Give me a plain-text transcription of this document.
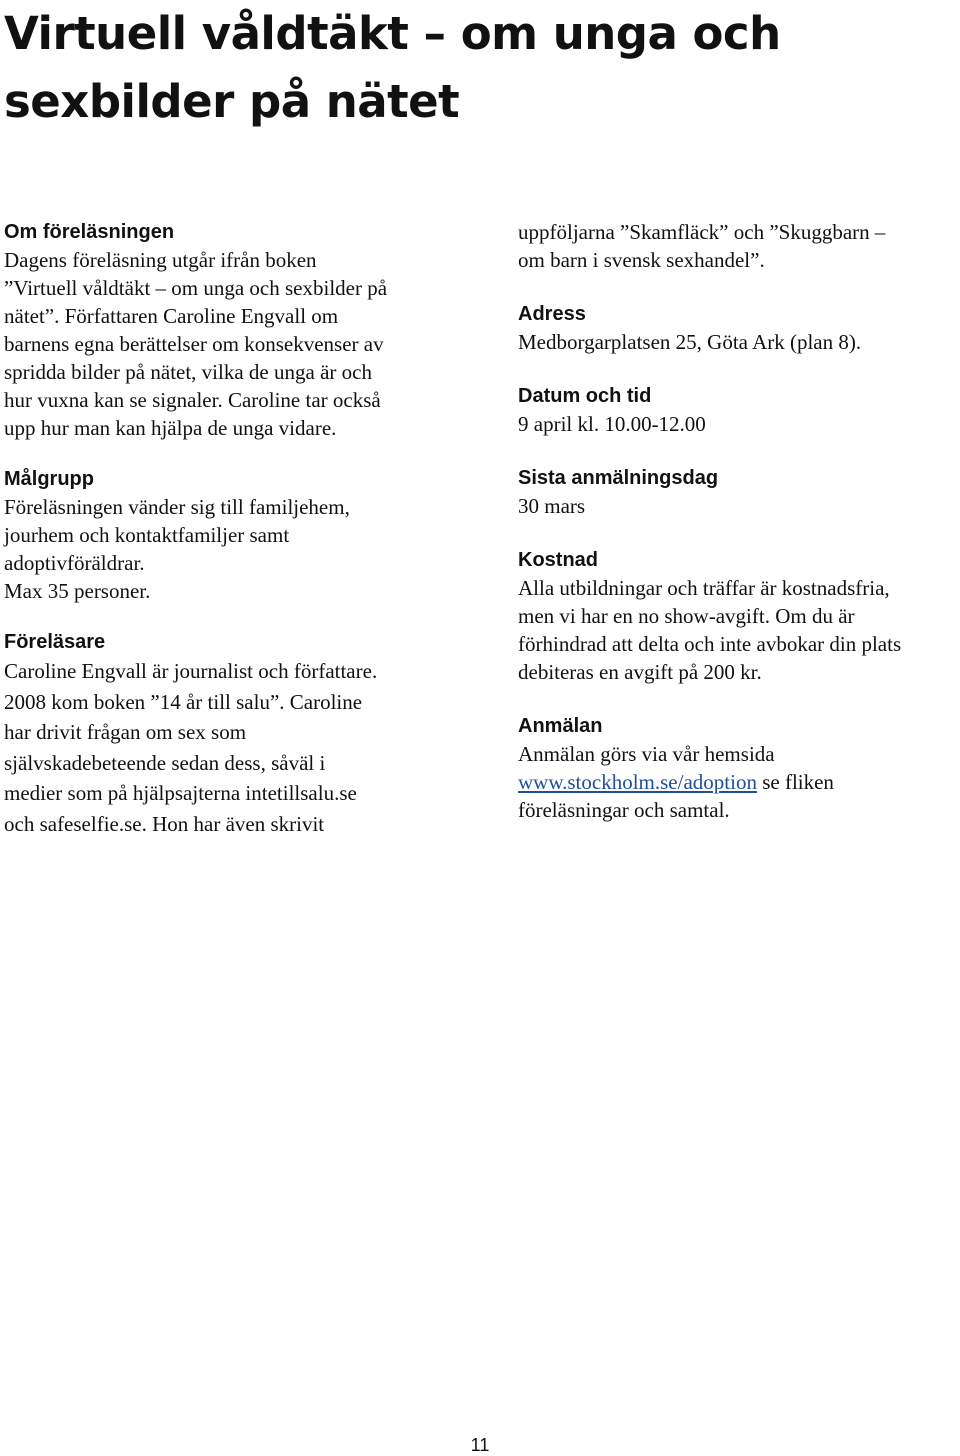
Virtuell våldtäkt – om unga och sexbilder på nätet
Om föreläsningen
Dagens föreläsning utgår ifrån boken
”Virtuell våldtäkt – om unga och sexbilder på
nätet”. Författaren Caroline Engvall om
barnens egna berättelser om konsekvenser av
spridda bilder på nätet, vilka de unga är och
hur vuxna kan se signaler. Caroline tar också
upp hur man kan hjälpa de unga vidare.
Målgrupp
Föreläsningen vänder sig till familjehem,
jourhem och kontaktfamiljer samt
adoptivföräldrar.
Max 35 personer.
Föreläsare
Caroline Engvall är journalist och författare.
2008 kom boken ”14 år till salu”. Caroline
har drivit frågan om sex som
självskadebeteende sedan dess, såväl i
medier som på hjälpsajterna intetillsalu.se
och safeselfie.se. Hon har även skrivit
uppföljarna ”Skamfläck” och ”Skuggbarn –
om barn i svensk sexhandel”.
Adress
Medborgarplatsen 25, Göta Ark (plan 8).
Datum och tid
9 april kl. 10.00-12.00
Sista anmälningsdag
30 mars
Kostnad
Alla utbildningar och träffar är kostnadsfria,
men vi har en no show-avgift. Om du är
förhindrad att delta och inte avbokar din plats
debiteras en avgift på 200 kr.
Anmälan
Anmälan görs via vår hemsida
www.stockholm.se/adoption se fliken
föreläsningar och samtal.
11
